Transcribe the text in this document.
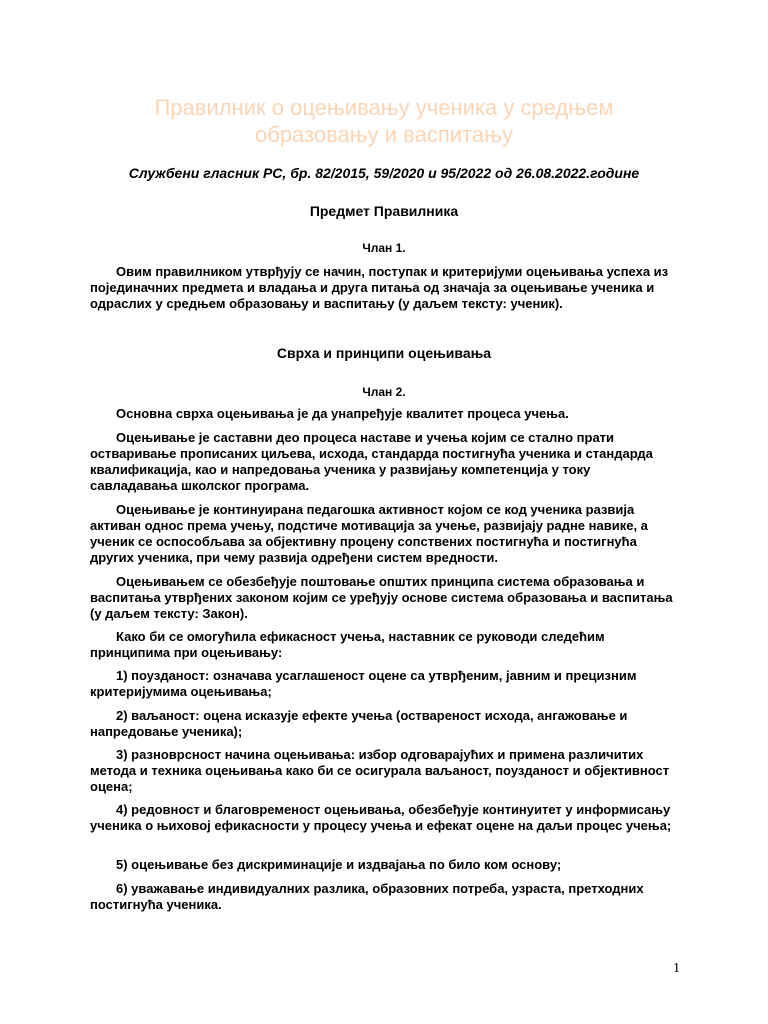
Правилник о оцењивању ученика у средњем образовању и васпитању
Службени гласник РС, бр. 82/2015, 59/2020 и 95/2022 од 26.08.2022.године
Предмет Правилника
Члан 1.

Овим правилником утврђују се начин, поступак и критеријуми оцењивања успеха из појединачних предмета и владања и друга питања од значаја за оцењивање ученика и одраслих у средњем образовању и васпитању (у даљем тексту: ученик).

Сврха и принципи оцењивања
Члан 2.

Основна сврха оцењивања је да унапређује квалитет процеса учења.

Оцењивање је саставни део процеса наставе и учења којим се стално прати остваривање прописаних циљева, исхода, стандарда постигнућа ученика и стандарда квалификација, као и напредовања ученика у развијању компетенција у току савладавања школског програма.

Оцењивање је континуирана педагошка активност којом се код ученика развија активан однос према учењу, подстиче мотивација за учење, развијају радне навике, а ученик се оспособљава за објективну процену сопствених постигнућа и постигнућа других ученика, при чему развија одређени систем вредности.

Оцењивањем се обезбеђује поштовање општих принципа система образовања и васпитања утврђених законом којим се уређују основе система образовања и васпитања (у даљем тексту: Закон).

Како би се омогућила ефикасност учења, наставник се руководи следећим принципима при оцењивању:

1) поузданост: означава усаглашеност оцене са утврђеним, јавним и прецизним критеријумима оцењивања;

2) ваљаност: оцена исказује ефекте учења (оствареност исхода, ангажовање и напредовање ученика);

3) разноврсност начина оцењивања: избор одговарајућих и примена различитих метода и техника оцењивања како би се осигурала ваљаност, поузданост и објективност оцена;

4) редовност и благовременост оцењивања, обезбеђује континуитет у информисању ученика о њиховој ефикасности у процесу учења и ефекат оцене на даљи процес учења;

5) оцењивање без дискриминације и издвајања по било ком основу;

6) уважавање индивидуалних разлика, образовних потреба, узраста, претходних постигнућа ученика.

1
